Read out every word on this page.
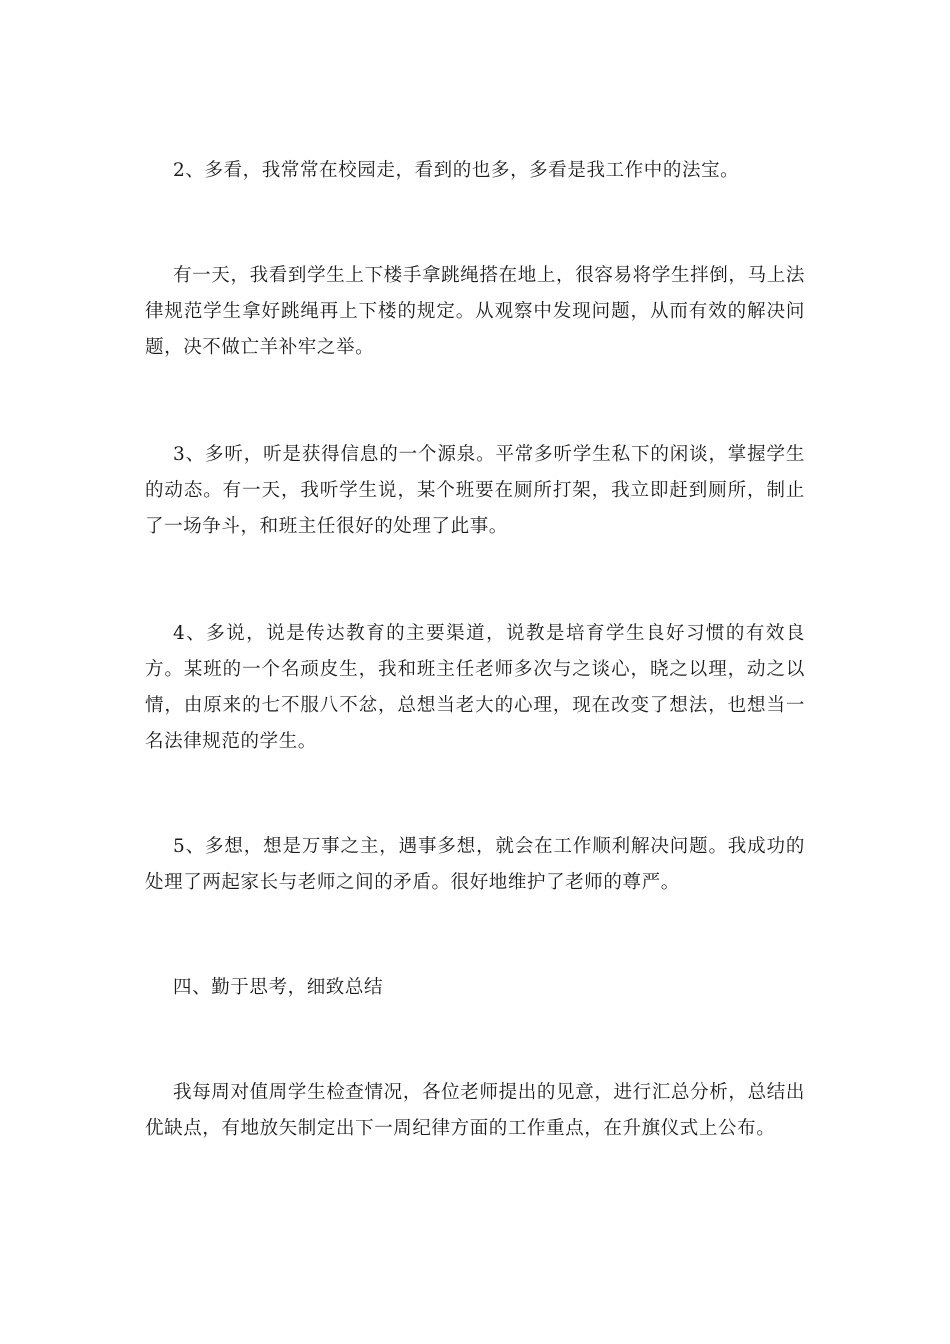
2、多看，我常常在校园走，看到的也多，多看是我工作中的法宝。

有一天，我看到学生上下楼手拿跳绳搭在地上，很容易将学生拌倒，马上法律规范学生拿好跳绳再上下楼的规定。从观察中发现问题，从而有效的解决问题，决不做亡羊补牢之举。

3、多听，听是获得信息的一个源泉。平常多听学生私下的闲谈，掌握学生的动态。有一天，我听学生说，某个班要在厕所打架，我立即赶到厕所，制止了一场争斗，和班主任很好的处理了此事。

4、多说，说是传达教育的主要渠道，说教是培育学生良好习惯的有效良方。某班的一个名顽皮生，我和班主任老师多次与之谈心，晓之以理，动之以情，由原来的七不服八不忿，总想当老大的心理，现在改变了想法，也想当一名法律规范的学生。

5、多想，想是万事之主，遇事多想，就会在工作顺利解决问题。我成功的处理了两起家长与老师之间的矛盾。很好地维护了老师的尊严。

四、勤于思考，细致总结

我每周对值周学生检查情况，各位老师提出的见意，进行汇总分析，总结出优缺点，有地放矢制定出下一周纪律方面的工作重点，在升旗仪式上公布。
